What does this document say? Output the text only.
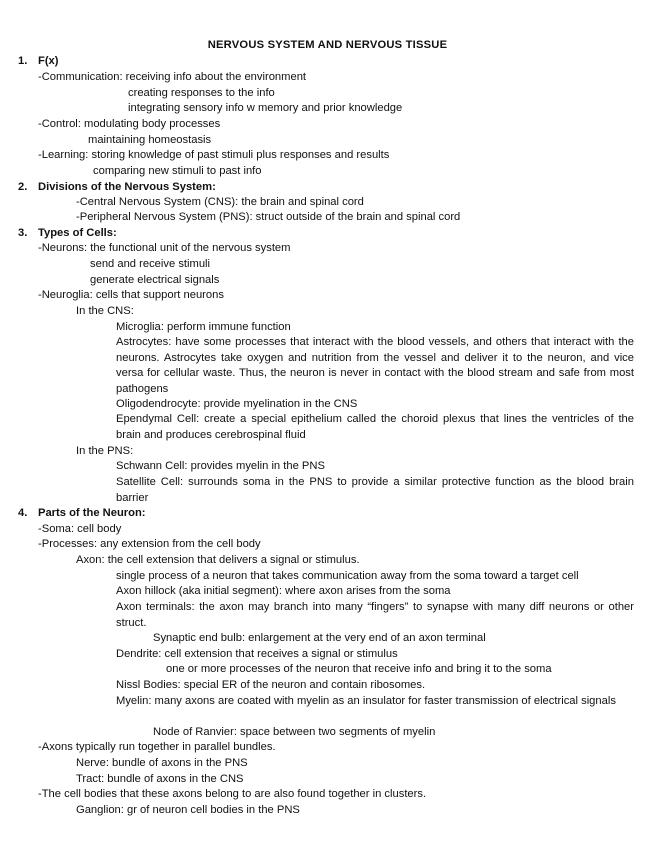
NERVOUS SYSTEM AND NERVOUS TISSUE
1. F(x)
-Communication: receiving info about the environment
creating responses to the info
integrating sensory info w memory and prior knowledge
-Control: modulating body processes
maintaining homeostasis
-Learning: storing knowledge of past stimuli plus responses and results
comparing new stimuli to past info
2. Divisions of the Nervous System:
-Central Nervous System (CNS): the brain and spinal cord
-Peripheral Nervous System (PNS): struct outside of the brain and spinal cord
3. Types of Cells:
-Neurons: the functional unit of the nervous system
send and receive stimuli
generate electrical signals
-Neuroglia: cells that support neurons
In the CNS:
Microglia: perform immune function
Astrocytes: have some processes that interact with the blood vessels, and others that interact with the neurons. Astrocytes take oxygen and nutrition from the vessel and deliver it to the neuron, and vice versa for cellular waste. Thus, the neuron is never in contact with the blood stream and safe from most pathogens
Oligodendrocyte: provide myelination in the CNS
Ependymal Cell: create a special epithelium called the choroid plexus that lines the ventricles of the brain and produces cerebrospinal fluid
In the PNS:
Schwann Cell: provides myelin in the PNS
Satellite Cell: surrounds soma in the PNS to provide a similar protective function as the blood brain barrier
4. Parts of the Neuron:
-Soma: cell body
-Processes: any extension from the cell body
Axon: the cell extension that delivers a signal or stimulus.
single process of a neuron that takes communication away from the soma toward a target cell
Axon hillock (aka initial segment): where axon arises from the soma
Axon terminals: the axon may branch into many “fingers” to synapse with many diff neurons or other struct.
Synaptic end bulb: enlargement at the very end of an axon terminal
Dendrite: cell extension that receives a signal or stimulus
one or more processes of the neuron that receive info and bring it to the soma
Nissl Bodies: special ER of the neuron and contain ribosomes.
Myelin: many axons are coated with myelin as an insulator for faster transmission of electrical signals
Node of Ranvier: space between two segments of myelin
-Axons typically run together in parallel bundles.
Nerve: bundle of axons in the PNS
Tract: bundle of axons in the CNS
-The cell bodies that these axons belong to are also found together in clusters.
Ganglion: gr of neuron cell bodies in the PNS
